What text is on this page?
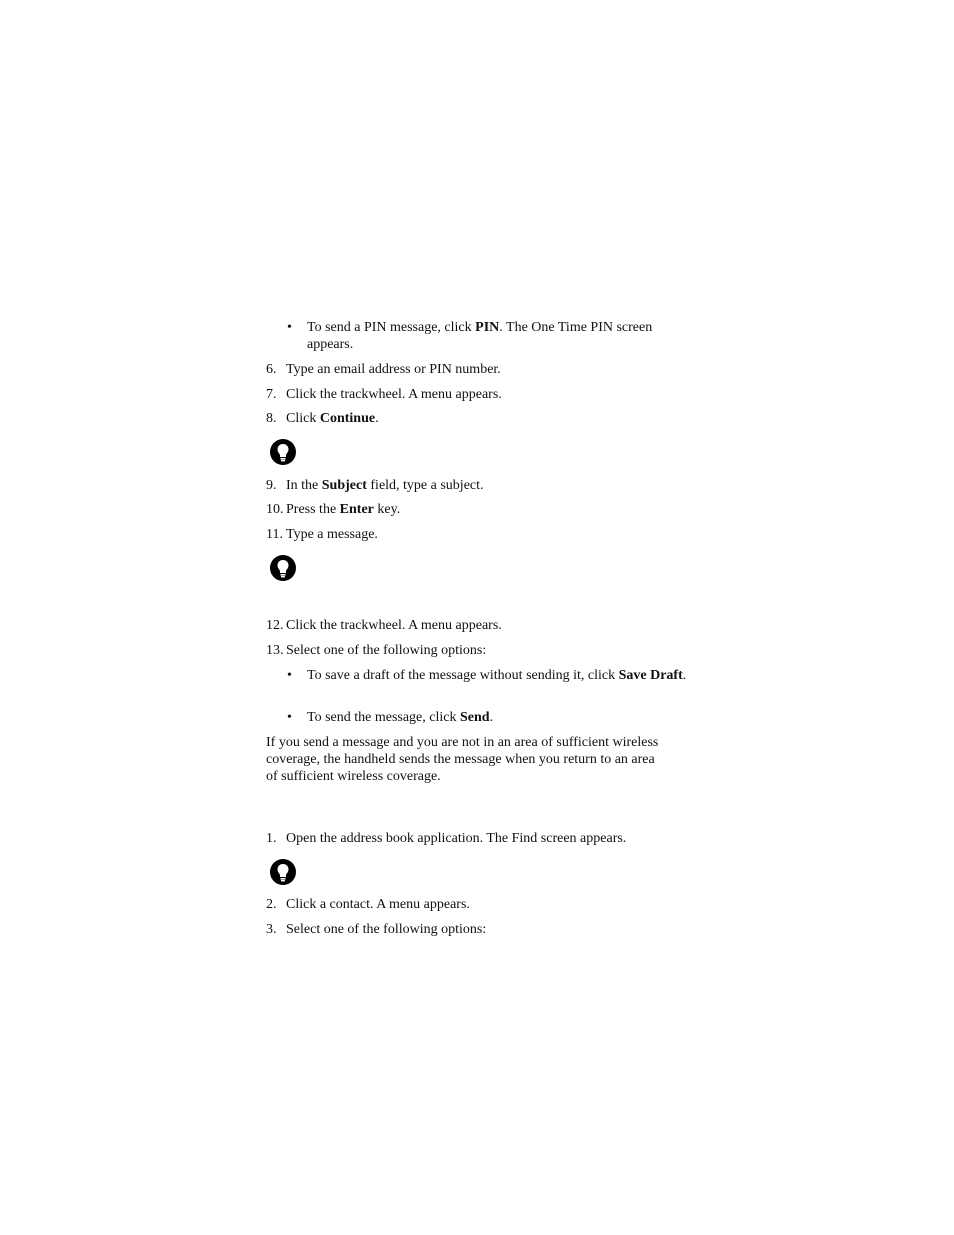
• To send a PIN message, click PIN. The One Time PIN screen appears.
6. Type an email address or PIN number.
7. Click the trackwheel. A menu appears.
8. Click Continue.
9. In the Subject field, type a subject.
10. Press the Enter key.
11. Type a message.
12. Click the trackwheel. A menu appears.
13. Select one of the following options:
• To save a draft of the message without sending it, click Save Draft.
• To send the message, click Send.
If you send a message and you are not in an area of sufficient wireless coverage, the handheld sends the message when you return to an area of sufficient wireless coverage.
1. Open the address book application. The Find screen appears.
2. Click a contact. A menu appears.
3. Select one of the following options:
